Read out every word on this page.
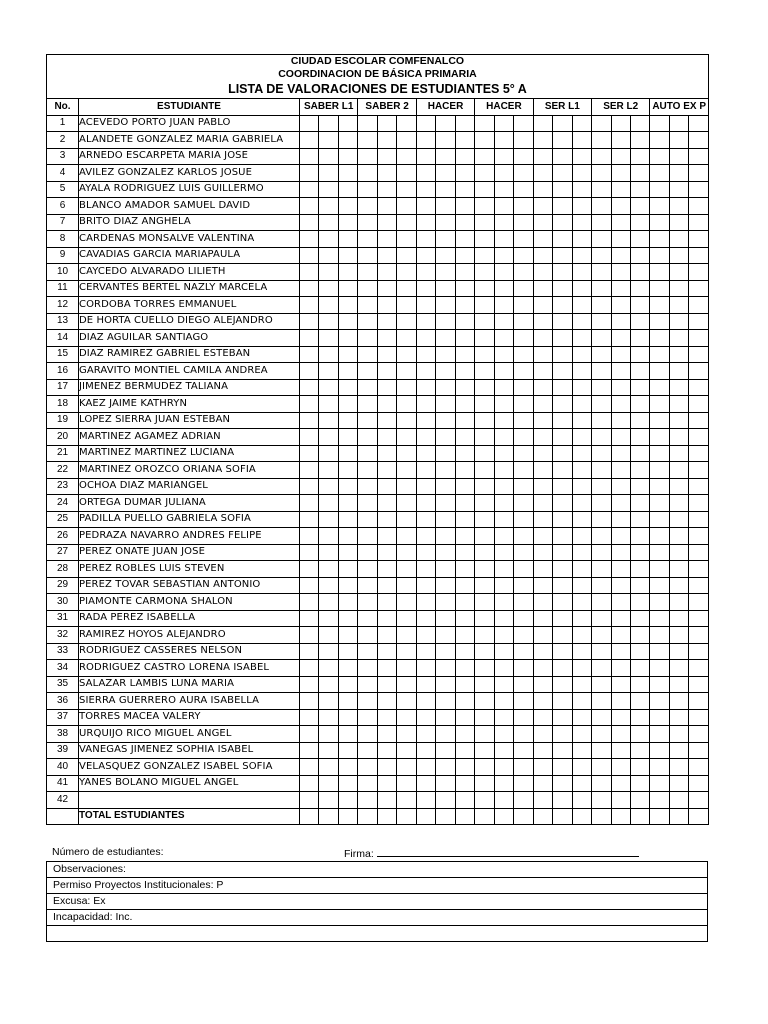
CIUDAD ESCOLAR COMFENALCO
COORDINACION DE BÁSICA PRIMARIA
LISTA DE VALORACIONES DE ESTUDIANTES 5° A																						

No.	ESTUDIANTE	SABER L1			SABER 2			HACER			HACER			SER L1			SER L2			AUTO EX P		
1	ACEVEDO PORTO JUAN PABLO																					
2	ALANDETE GONZALEZ MARIA GABRIELA																					
3	ARNEDO ESCARPETA MARIA JOSE																					
4	AVILEZ GONZALEZ KARLOS JOSUE																					
5	AYALA RODRIGUEZ LUIS GUILLERMO																					
6	BLANCO AMADOR SAMUEL DAVID																					
7	BRITO DIAZ ANGHELA																					
8	CARDENAS MONSALVE VALENTINA																					
9	CAVADIAS GARCIA MARIAPAULA																					
10	CAYCEDO ALVARADO LILIETH																					
11	CERVANTES BERTEL NAZLY MARCELA																					
12	CORDOBA TORRES EMMANUEL																					
13	DE HORTA CUELLO DIEGO ALEJANDRO																					
14	DIAZ AGUILAR SANTIAGO																					
15	DIAZ RAMIREZ GABRIEL ESTEBAN																					
16	GARAVITO MONTIEL CAMILA ANDREA																					
17	JIMENEZ BERMUDEZ TALIANA																					
18	KAEZ JAIME KATHRYN																					
19	LOPEZ SIERRA JUAN ESTEBAN																					
20	MARTINEZ AGAMEZ ADRIAN																					
21	MARTINEZ MARTINEZ LUCIANA																					
22	MARTINEZ OROZCO ORIANA SOFIA																					
23	OCHOA DIAZ MARIANGEL																					
24	ORTEGA DUMAR JULIANA																					
25	PADILLA PUELLO GABRIELA SOFIA																					
26	PEDRAZA NAVARRO ANDRES FELIPE																					
27	PEREZ ONATE JUAN JOSE																					
28	PEREZ ROBLES LUIS STEVEN																					
29	PEREZ TOVAR SEBASTIAN ANTONIO																					
30	PIAMONTE CARMONA SHALON																					
31	RADA PEREZ ISABELLA																					
32	RAMIREZ HOYOS ALEJANDRO																					
33	RODRIGUEZ CASSERES NELSON																					
34	RODRIGUEZ CASTRO LORENA ISABEL																					
35	SALAZAR LAMBIS LUNA MARIA																					
36	SIERRA GUERRERO AURA ISABELLA																					
37	TORRES MACEA VALERY																					
38	URQUIJO RICO MIGUEL ANGEL																					
39	VANEGAS JIMENEZ SOPHIA ISABEL																					
40	VELASQUEZ GONZALEZ ISABEL SOFIA																					
41	YANES BOLANO MIGUEL ANGEL																					
42																						
	TOTAL ESTUDIANTES																					
Número de estudiantes:	Firma:
Observaciones:
Permiso Proyectos Institucionales: P
Excusa: Ex
Incapacidad: Inc.
